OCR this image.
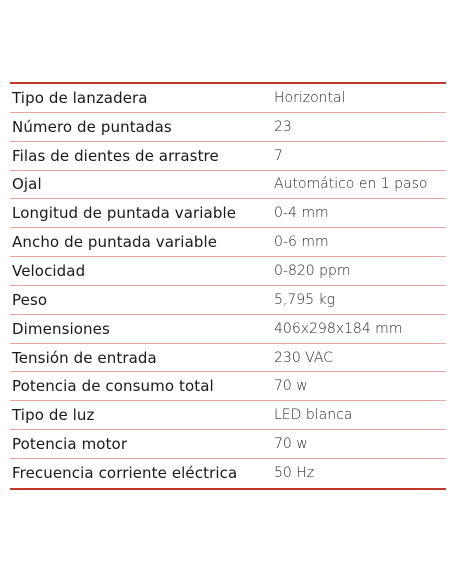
Tipo de lanzadera	Horizontal
Número de puntadas	23
Filas de dientes de arrastre	7
Ojal	Automático en 1 paso
Longitud de puntada variable	0-4 mm
Ancho de puntada variable	0-6 mm
Velocidad	0-820 ppm
Peso	5,795 kg
Dimensiones	406x298x184 mm
Tensión de entrada	230 VAC
Potencia de consumo total	70 w
Tipo de luz	LED blanca
Potencia motor	70 w
Frecuencia corriente eléctrica	50 Hz
